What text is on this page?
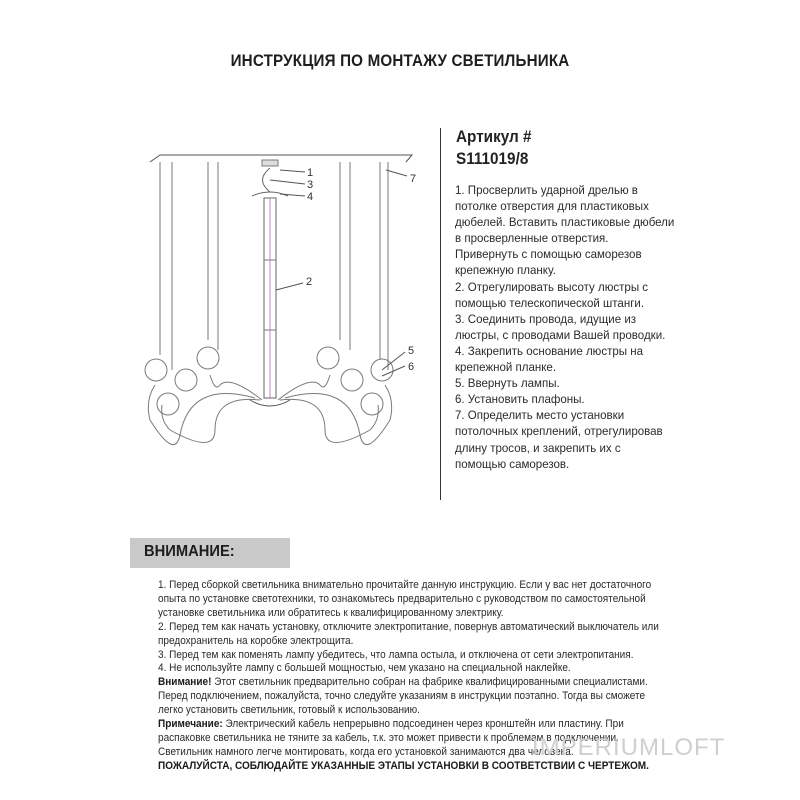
ИНСТРУКЦИЯ ПО МОНТАЖУ СВЕТИЛЬНИКА
1
3
4
2
7
5
6
Артикул #
S111019/8
1. Просверлить ударной дрелью в
потолке отверстия для пластиковых
дюбелей. Вставить пластиковые дюбели
в просверленные отверстия.
Привернуть с помощью саморезов
крепежную планку.
2. Отрегулировать высоту люстры с
помощью телескопической штанги.
3. Соединить провода, идущие из
люстры, с проводами Вашей проводки.
4. Закрепить основание люстры на
крепежной планке.
5. Ввернуть лампы.
6. Установить плафоны.
7. Определить место установки
потолочных креплений, отрегулировав
длину тросов, и закрепить их с
помощью саморезов.
ВНИМАНИЕ:
1. Перед сборкой светильника внимательно прочитайте данную инструкцию. Если у вас нет достаточного
опыта по установке светотехники, то ознакомьтесь предварительно с руководством по самостоятельной
установке светильника или обратитесь к квалифицированному электрику.
2. Перед тем как начать установку, отключите электропитание, повернув автоматический выключатель или
предохранитель на коробке электрощита.
3. Перед тем как поменять лампу убедитесь, что лампа остыла, и отключена от сети электропитания.
4. Не используйте лампу с большей мощностью, чем указано на специальной наклейке.
Внимание! Этот светильник предварительно собран на фабрике квалифицированными специалистами.
Перед подключением, пожалуйста, точно следуйте указаниям в инструкции поэтапно. Тогда вы сможете
легко установить светильник, готовый к использованию.
Примечание: Электрический кабель непрерывно подсоединен через кронштейн или пластину. При
распаковке светильника не тяните за кабель, т.к. это может привести к проблемам в подключении.
Светильник намного легче монтировать, когда его установкой занимаются два человека.
ПОЖАЛУЙСТА, СОБЛЮДАЙТЕ УКАЗАННЫЕ ЭТАПЫ УСТАНОВКИ В СООТВЕТСТВИИ С ЧЕРТЕЖОМ.
IMPERIUMLOFT
